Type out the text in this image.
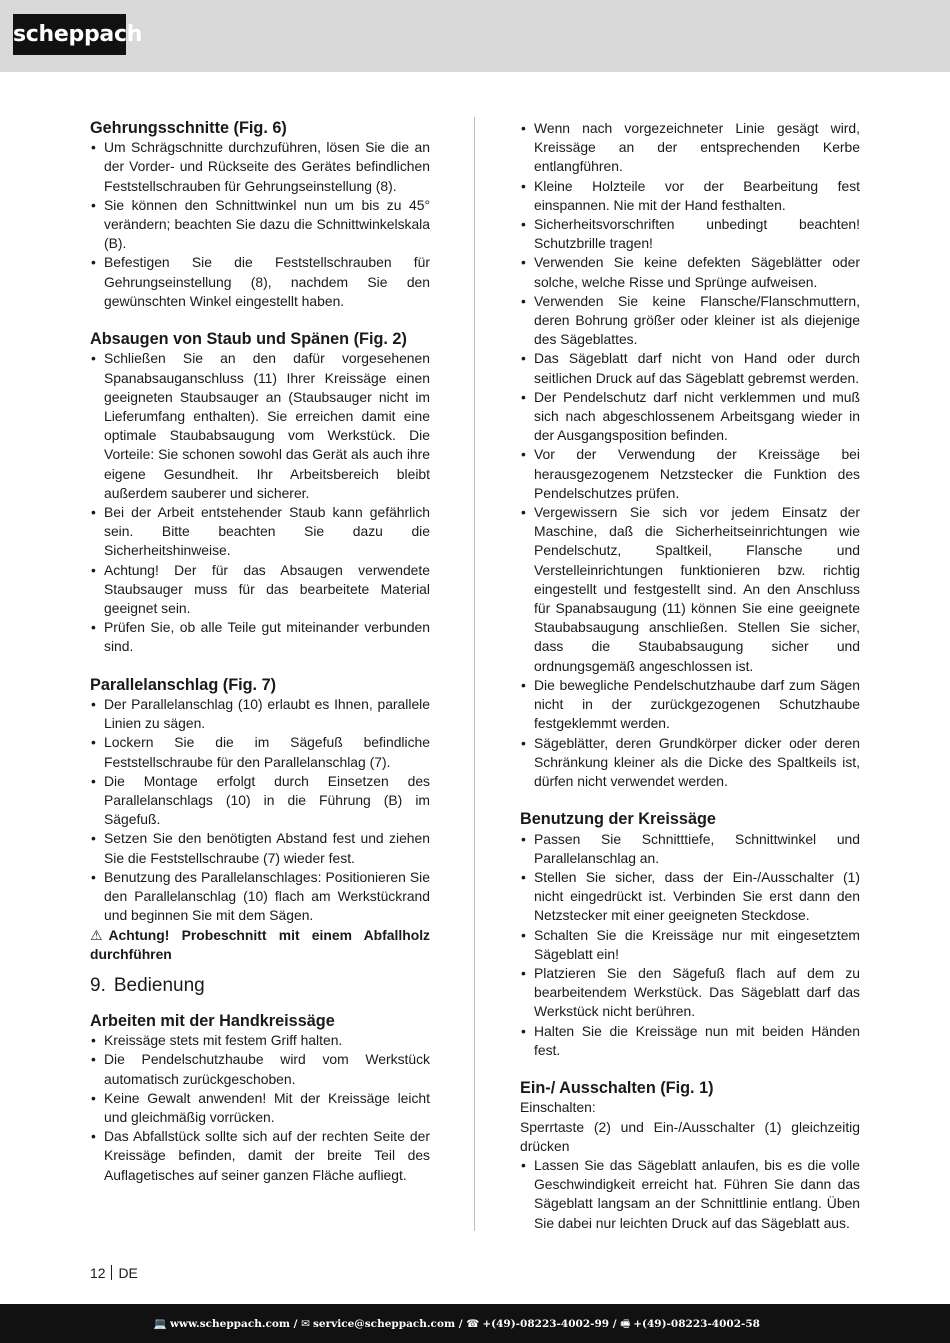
scheppach
Gehrungsschnitte (Fig. 6)
• Um Schrägschnitte durchzuführen, lösen Sie die an der Vorder- und Rückseite des Gerätes befindlichen Feststellschrauben für Gehrungseinstellung (8).
• Sie können den Schnittwinkel nun um bis zu 45° verändern; beachten Sie dazu die Schnittwinkelskala (B).
• Befestigen Sie die Feststellschrauben für Gehrungseinstellung (8), nachdem Sie den gewünschten Winkel eingestellt haben.
Absaugen von Staub und Spänen (Fig. 2)
• Schließen Sie an den dafür vorgesehenen Spanabsauganschluss (11) Ihrer Kreissäge einen geeigneten Staubsauger an (Staubsauger nicht im Lieferumfang enthalten). Sie erreichen damit eine optimale Staubabsaugung vom Werkstück. Die Vorteile: Sie schonen sowohl das Gerät als auch ihre eigene Gesundheit. Ihr Arbeitsbereich bleibt außerdem sauberer und sicherer.
• Bei der Arbeit entstehender Staub kann gefährlich sein. Bitte beachten Sie dazu die Sicherheitshinweise.
• Achtung! Der für das Absaugen verwendete Staubsauger muss für das bearbeitete Material geeignet sein.
• Prüfen Sie, ob alle Teile gut miteinander verbunden sind.
Parallelanschlag (Fig. 7)
• Der Parallelanschlag (10) erlaubt es Ihnen, parallele Linien zu sägen.
• Lockern Sie die im Sägefuß befindliche Feststellschraube für den Parallelanschlag (7).
• Die Montage erfolgt durch Einsetzen des Parallelanschlags (10) in die Führung (B) im Sägefuß.
• Setzen Sie den benötigten Abstand fest und ziehen Sie die Feststellschraube (7) wieder fest.
• Benutzung des Parallelanschlages: Positionieren Sie den Parallelanschlag (10) flach am Werkstückrand und beginnen Sie mit dem Sägen.

⚠ Achtung! Probeschnitt mit einem Abfallholz durchführen

9. Bedienung
Arbeiten mit der Handkreissäge
• Kreissäge stets mit festem Griff halten.
• Die Pendelschutzhaube wird vom Werkstück automatisch zurückgeschoben.
• Keine Gewalt anwenden! Mit der Kreissäge leicht und gleichmäßig vorrücken.
• Das Abfallstück sollte sich auf der rechten Seite der Kreissäge befinden, damit der breite Teil des Auflagetisches auf seiner ganzen Fläche aufliegt.
• Wenn nach vorgezeichneter Linie gesägt wird, Kreissäge an der entsprechenden Kerbe entlangführen.
• Kleine Holzteile vor der Bearbeitung fest einspannen. Nie mit der Hand festhalten.
• Sicherheitsvorschriften unbedingt beachten! Schutzbrille tragen!
• Verwenden Sie keine defekten Sägeblätter oder solche, welche Risse und Sprünge aufweisen.
• Verwenden Sie keine Flansche/Flanschmuttern, deren Bohrung größer oder kleiner ist als diejenige des Sägeblattes.
• Das Sägeblatt darf nicht von Hand oder durch seitlichen Druck auf das Sägeblatt gebremst werden.
• Der Pendelschutz darf nicht verklemmen und muß sich nach abgeschlossenem Arbeitsgang wieder in der Ausgangsposition befinden.
• Vor der Verwendung der Kreissäge bei herausgezogenem Netzstecker die Funktion des Pendelschutzes prüfen.
• Vergewissern Sie sich vor jedem Einsatz der Maschine, daß die Sicherheitseinrichtungen wie Pendelschutz, Spaltkeil, Flansche und Verstelleinrichtungen funktionieren bzw. richtig eingestellt und festgestellt sind. An den Anschluss für Spanabsaugung (11) können Sie eine geeignete Staubabsaugung anschließen. Stellen Sie sicher, dass die Staubabsaugung sicher und ordnungsgemäß angeschlossen ist.
• Die bewegliche Pendelschutzhaube darf zum Sägen nicht in der zurückgezogenen Schutzhaube festgeklemmt werden.
• Sägeblätter, deren Grundkörper dicker oder deren Schränkung kleiner als die Dicke des Spaltkeils ist, dürfen nicht verwendet werden.
Benutzung der Kreissäge
• Passen Sie Schnitttiefe, Schnittwinkel und Parallelanschlag an.
• Stellen Sie sicher, dass der Ein-/Ausschalter (1) nicht eingedrückt ist. Verbinden Sie erst dann den Netzstecker mit einer geeigneten Steckdose.
• Schalten Sie die Kreissäge nur mit eingesetztem Sägeblatt ein!
• Platzieren Sie den Sägefuß flach auf dem zu bearbeitendem Werkstück. Das Sägeblatt darf das Werkstück nicht berühren.
• Halten Sie die Kreissäge nun mit beiden Händen fest.
Ein-/ Ausschalten (Fig. 1)

Einschalten:

Sperrtaste (2) und Ein-/Ausschalter (1) gleichzeitig drücken

• Lassen Sie das Sägeblatt anlaufen, bis es die volle Geschwindigkeit erreicht hat. Führen Sie dann das Sägeblatt langsam an der Schnittlinie entlang. Üben Sie dabei nur leichten Druck auf das Sägeblatt aus.
12 DE
💻 www.scheppach.com / ✉ service@scheppach.com / ☎ +(49)-08223-4002-99 / 🖷 +(49)-08223-4002-58
